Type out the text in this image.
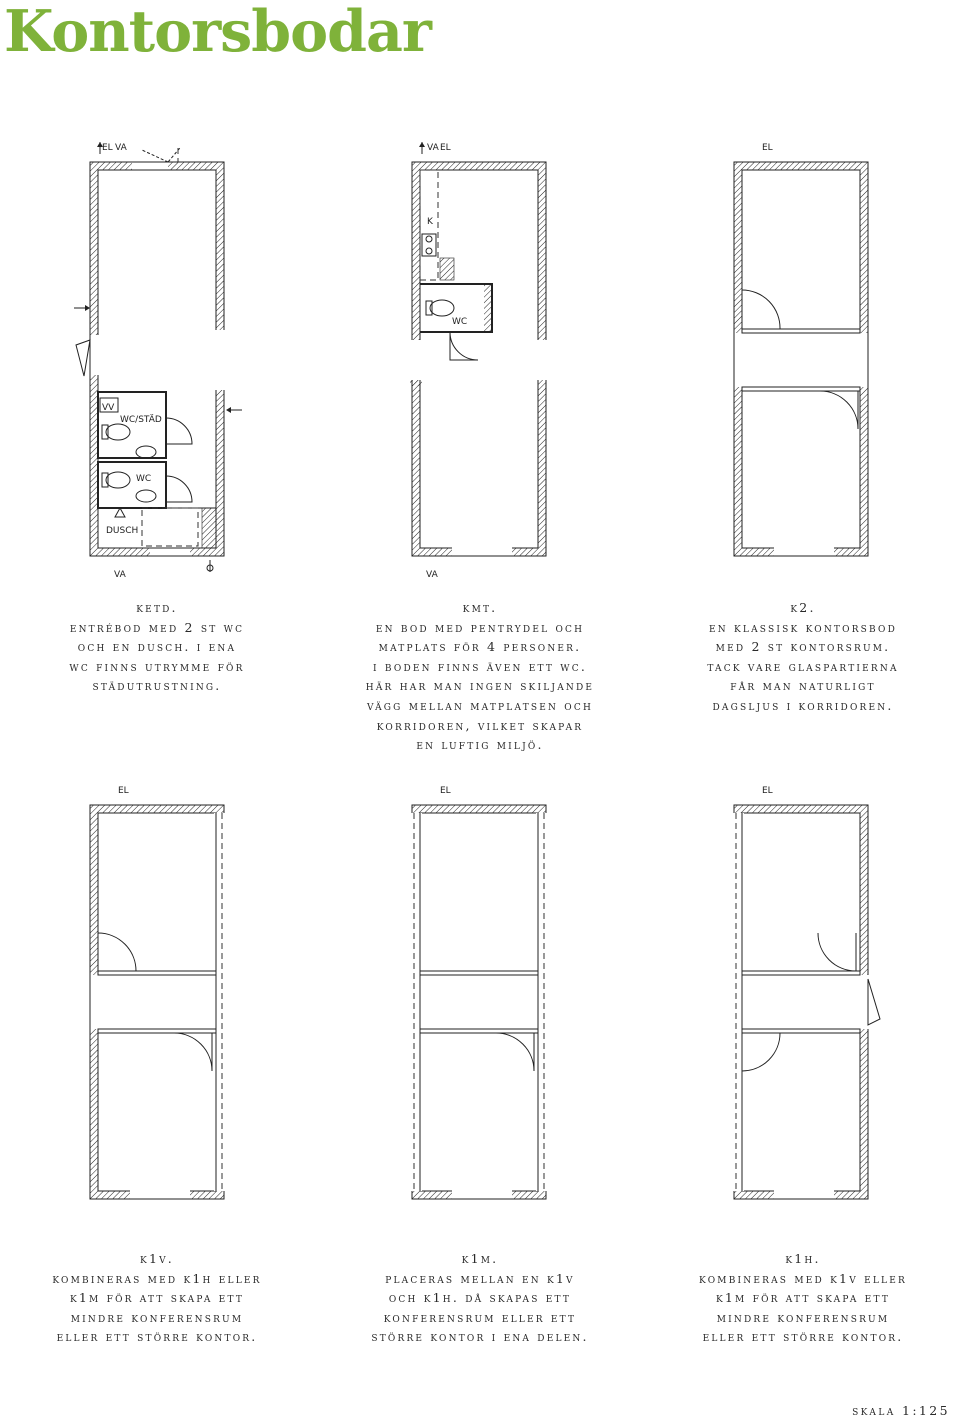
Kontorsbodar
EL VA
VV
WC/STÄD
WC
DUSCH
VA
VA EL
K
WC
VA
EL
EL	EL	EL
ketd.
entrébod med 2 st wc
och en dusch. i ena
wc finns utrymme för
städutrustning.
kmt.
en bod med pentrydel och
matplats för 4 personer.
i boden finns även ett wc.
här har man ingen skiljande
vägg mellan matplatsen och
korridoren, vilket skapar
en luftig miljö.
k2.
en klassisk kontorsbod
med 2 st kontorsrum.
tack vare glaspartierna
får man naturligt
dagsljus i korridoren.
k1v.
kombineras med k1h eller
k1m för att skapa ett
mindre konferensrum
eller ett större kontor.
k1m.
placeras mellan en k1v
och k1h. då skapas ett
konferensrum eller ett
större kontor i ena delen.
k1h.
kombineras med k1v eller
k1m för att skapa ett
mindre konferensrum
eller ett större kontor.
skala 1:125
